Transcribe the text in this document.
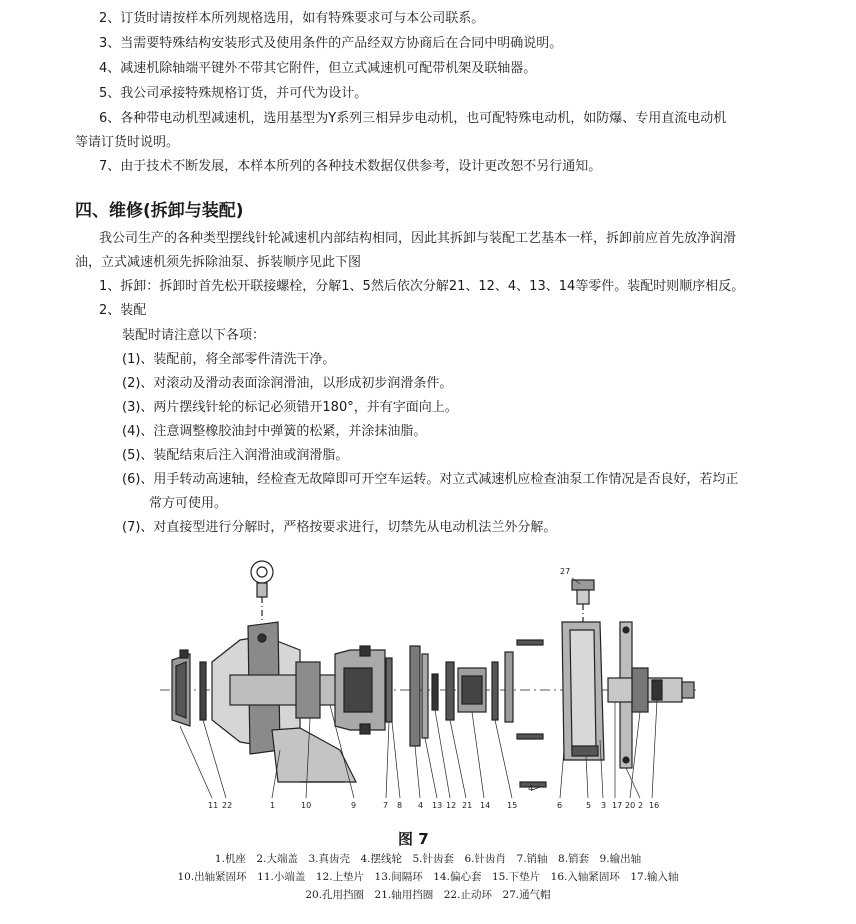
2、订货时请按样本所列规格选用，如有特殊要求可与本公司联系。
3、当需要特殊结构安装形式及使用条件的产品经双方协商后在合同中明确说明。
4、减速机除轴端平键外不带其它附件，但立式减速机可配带机架及联轴器。
5、我公司承接特殊规格订货，并可代为设计。
6、各种带电动机型减速机，选用基型为Y系列三相异步电动机，也可配特殊电动机，如防爆、专用直流电动机
等请订货时说明。
7、由于技术不断发展，本样本所列的各种技术数据仅供参考，设计更改恕不另行通知。
四、维修(拆卸与装配)
我公司生产的各种类型摆线针轮减速机内部结构相同，因此其拆卸与装配工艺基本一样，拆卸前应首先放净润滑
油，立式减速机须先拆除油泵、拆装顺序见此下图
1、拆卸：拆卸时首先松开联接螺栓，分解1、5然后依次分解21、12、4、13、14等零件。装配时则顺序相反。
2、装配
装配时请注意以下各项：
(1)、装配前，将全部零件清洗干净。
(2)、对滚动及滑动表面涂润滑油，以形成初步润滑条件。
(3)、两片摆线针轮的标记必须错开180°，并有字面向上。
(4)、注意调整橡胶油封中弹簧的松紧，并涂抹油脂。
(5)、装配结束后注入润滑油或润滑脂。
(6)、用手转动高速轴，经检查无故障即可开空车运转。对立式减速机应检查油泵工作情况是否良好，若均正
常方可使用。
(7)、对直接型进行分解时，严格按要求进行，切禁先从电动机法兰外分解。
11 22	1	10	9	7 8 4 13 12 21 14 15
4
6	5 3 17 20 2 16
27
图 7
1.机座　2.大端盖　3.真齿壳　4.摆线轮　5.针齿套　6.针齿肖　7.销轴　8.销套　9.输出轴
10.出轴紧固环　11.小端盖　12.上垫片　13.间隔环　14.偏心套　15.下垫片　16.入轴紧固环　17.输入轴
20.孔用挡圈　21.轴用挡圈　22.止动环　27.通气帽
